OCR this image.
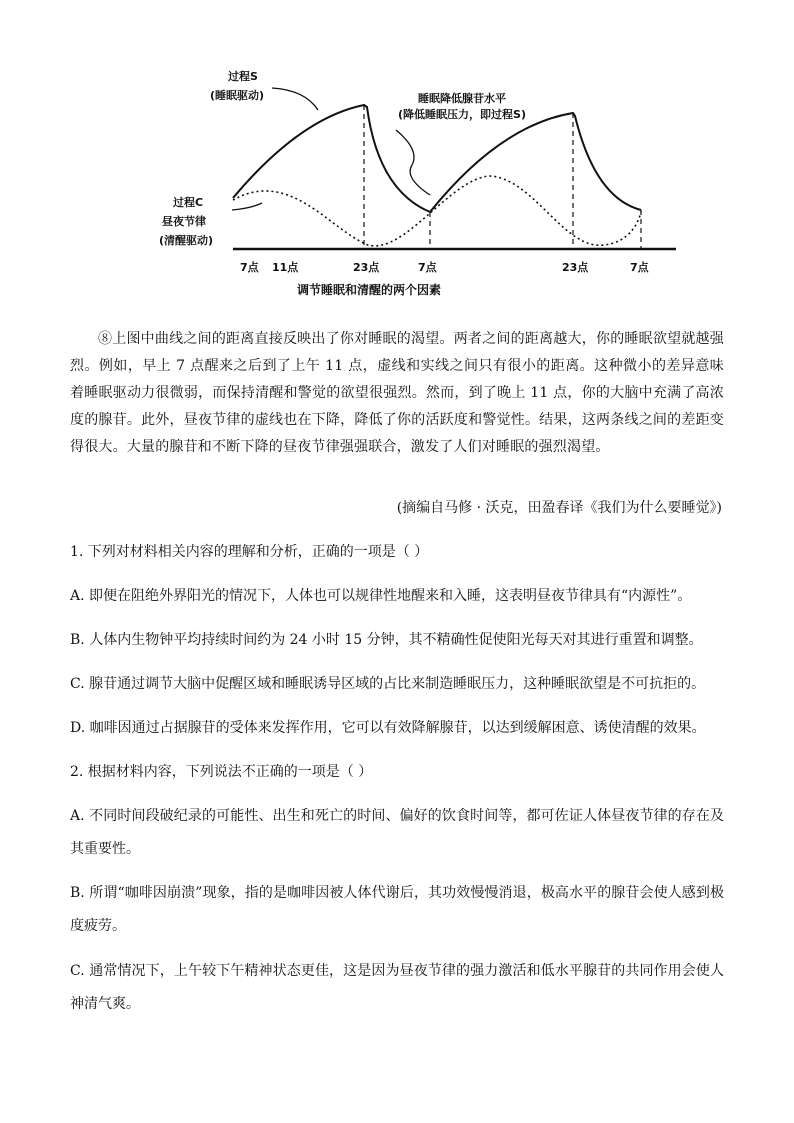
过程S
(睡眠驱动)	睡眠降低腺苷水平
(降低睡眠压力，即过程S)
过程C
昼夜节律
(清醒驱动)
7点 11点	23点	7点	23点	7点
调节睡眠和清醒的两个因素

⑧上图中曲线之间的距离直接反映出了你对睡眠的渴望。两者之间的距离越大，你的睡眠欲望就越强烈。例如，早上 7 点醒来之后到了上午 11 点，虚线和实线之间只有很小的距离。这种微小的差异意味着睡眠驱动力很微弱，而保持清醒和警觉的欲望很强烈。然而，到了晚上 11 点，你的大脑中充满了高浓度的腺苷。此外，昼夜节律的虚线也在下降，降低了你的活跃度和警觉性。结果，这两条线之间的差距变得很大。大量的腺苷和不断下降的昼夜节律强强联合，激发了人们对睡眠的强烈渴望。

(摘编自马修 · 沃克，田盈春译《我们为什么要睡觉》)

1. 下列对材料相关内容的理解和分析，正确的一项是（ ）

A. 即便在阻绝外界阳光的情况下，人体也可以规律性地醒来和入睡，这表明昼夜节律具有“内源性”。

B. 人体内生物钟平均持续时间约为 24 小时 15 分钟，其不精确性促使阳光每天对其进行重置和调整。

C. 腺苷通过调节大脑中促醒区域和睡眠诱导区域的占比来制造睡眠压力，这种睡眠欲望是不可抗拒的。

D. 咖啡因通过占据腺苷的受体来发挥作用，它可以有效降解腺苷，以达到缓解困意、诱使清醒的效果。

2. 根据材料内容，下列说法不正确的一项是（ ）

A. 不同时间段破纪录的可能性、出生和死亡的时间、偏好的饮食时间等，都可佐证人体昼夜节律的存在及其重要性。

B. 所谓“咖啡因崩溃”现象，指的是咖啡因被人体代谢后，其功效慢慢消退，极高水平的腺苷会使人感到极度疲劳。

C. 通常情况下，上午较下午精神状态更佳，这是因为昼夜节律的强力激活和低水平腺苷的共同作用会使人神清气爽。
